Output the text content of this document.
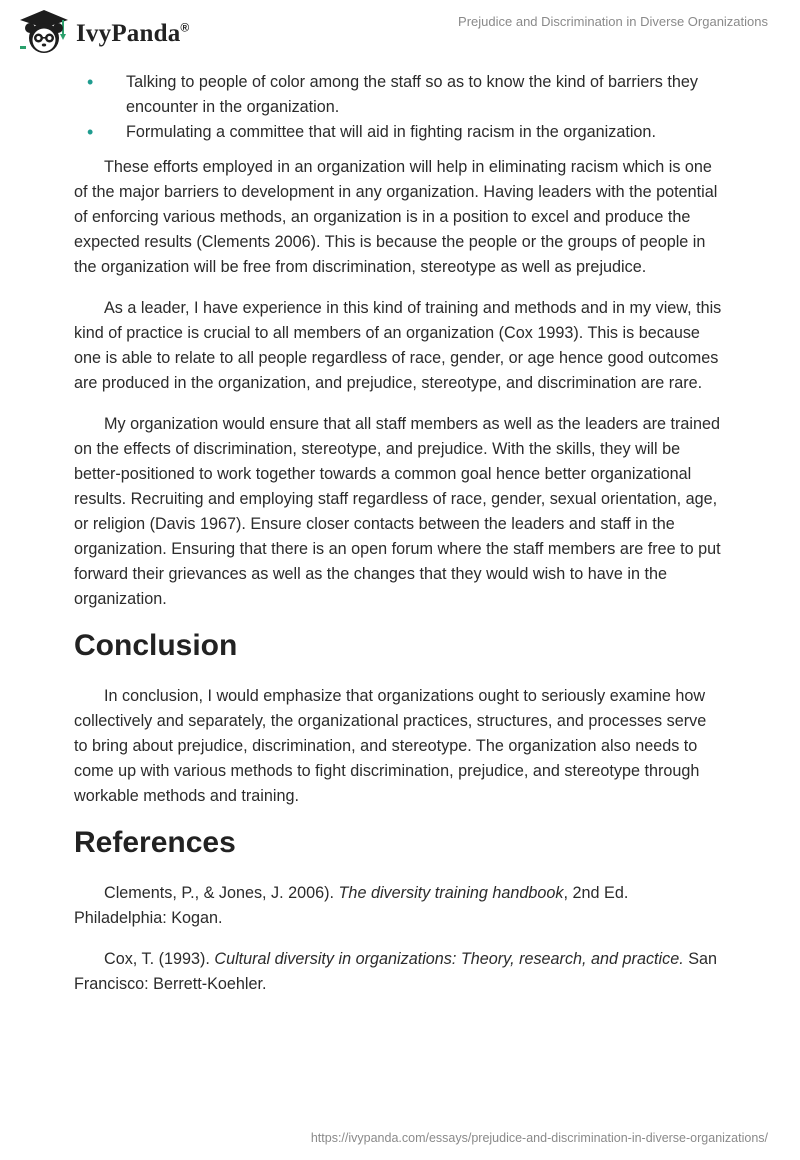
IvyPanda®	Prejudice and Discrimination in Diverse Organizations
• Talking to people of color among the staff so as to know the kind of barriers they encounter in the organization.
• Formulating a committee that will aid in fighting racism in the organization.

These efforts employed in an organization will help in eliminating racism which is one of the major barriers to development in any organization. Having leaders with the potential of enforcing various methods, an organization is in a position to excel and produce the expected results (Clements 2006). This is because the people or the groups of people in the organization will be free from discrimination, stereotype as well as prejudice.

As a leader, I have experience in this kind of training and methods and in my view, this kind of practice is crucial to all members of an organization (Cox 1993). This is because one is able to relate to all people regardless of race, gender, or age hence good outcomes are produced in the organization, and prejudice, stereotype, and discrimination are rare.

My organization would ensure that all staff members as well as the leaders are trained on the effects of discrimination, stereotype, and prejudice. With the skills, they will be better-positioned to work together towards a common goal hence better organizational results. Recruiting and employing staff regardless of race, gender, sexual orientation, age, or religion (Davis 1967). Ensure closer contacts between the leaders and staff in the organization. Ensuring that there is an open forum where the staff members are free to put forward their grievances as well as the changes that they would wish to have in the organization.

Conclusion

In conclusion, I would emphasize that organizations ought to seriously examine how collectively and separately, the organizational practices, structures, and processes serve to bring about prejudice, discrimination, and stereotype. The organization also needs to come up with various methods to fight discrimination, prejudice, and stereotype through workable methods and training.

References

Clements, P., & Jones, J. 2006). The diversity training handbook, 2nd Ed. Philadelphia: Kogan.

Cox, T. (1993). Cultural diversity in organizations: Theory, research, and practice. San Francisco: Berrett-Koehler.

https://ivypanda.com/essays/prejudice-and-discrimination-in-diverse-organizations/
